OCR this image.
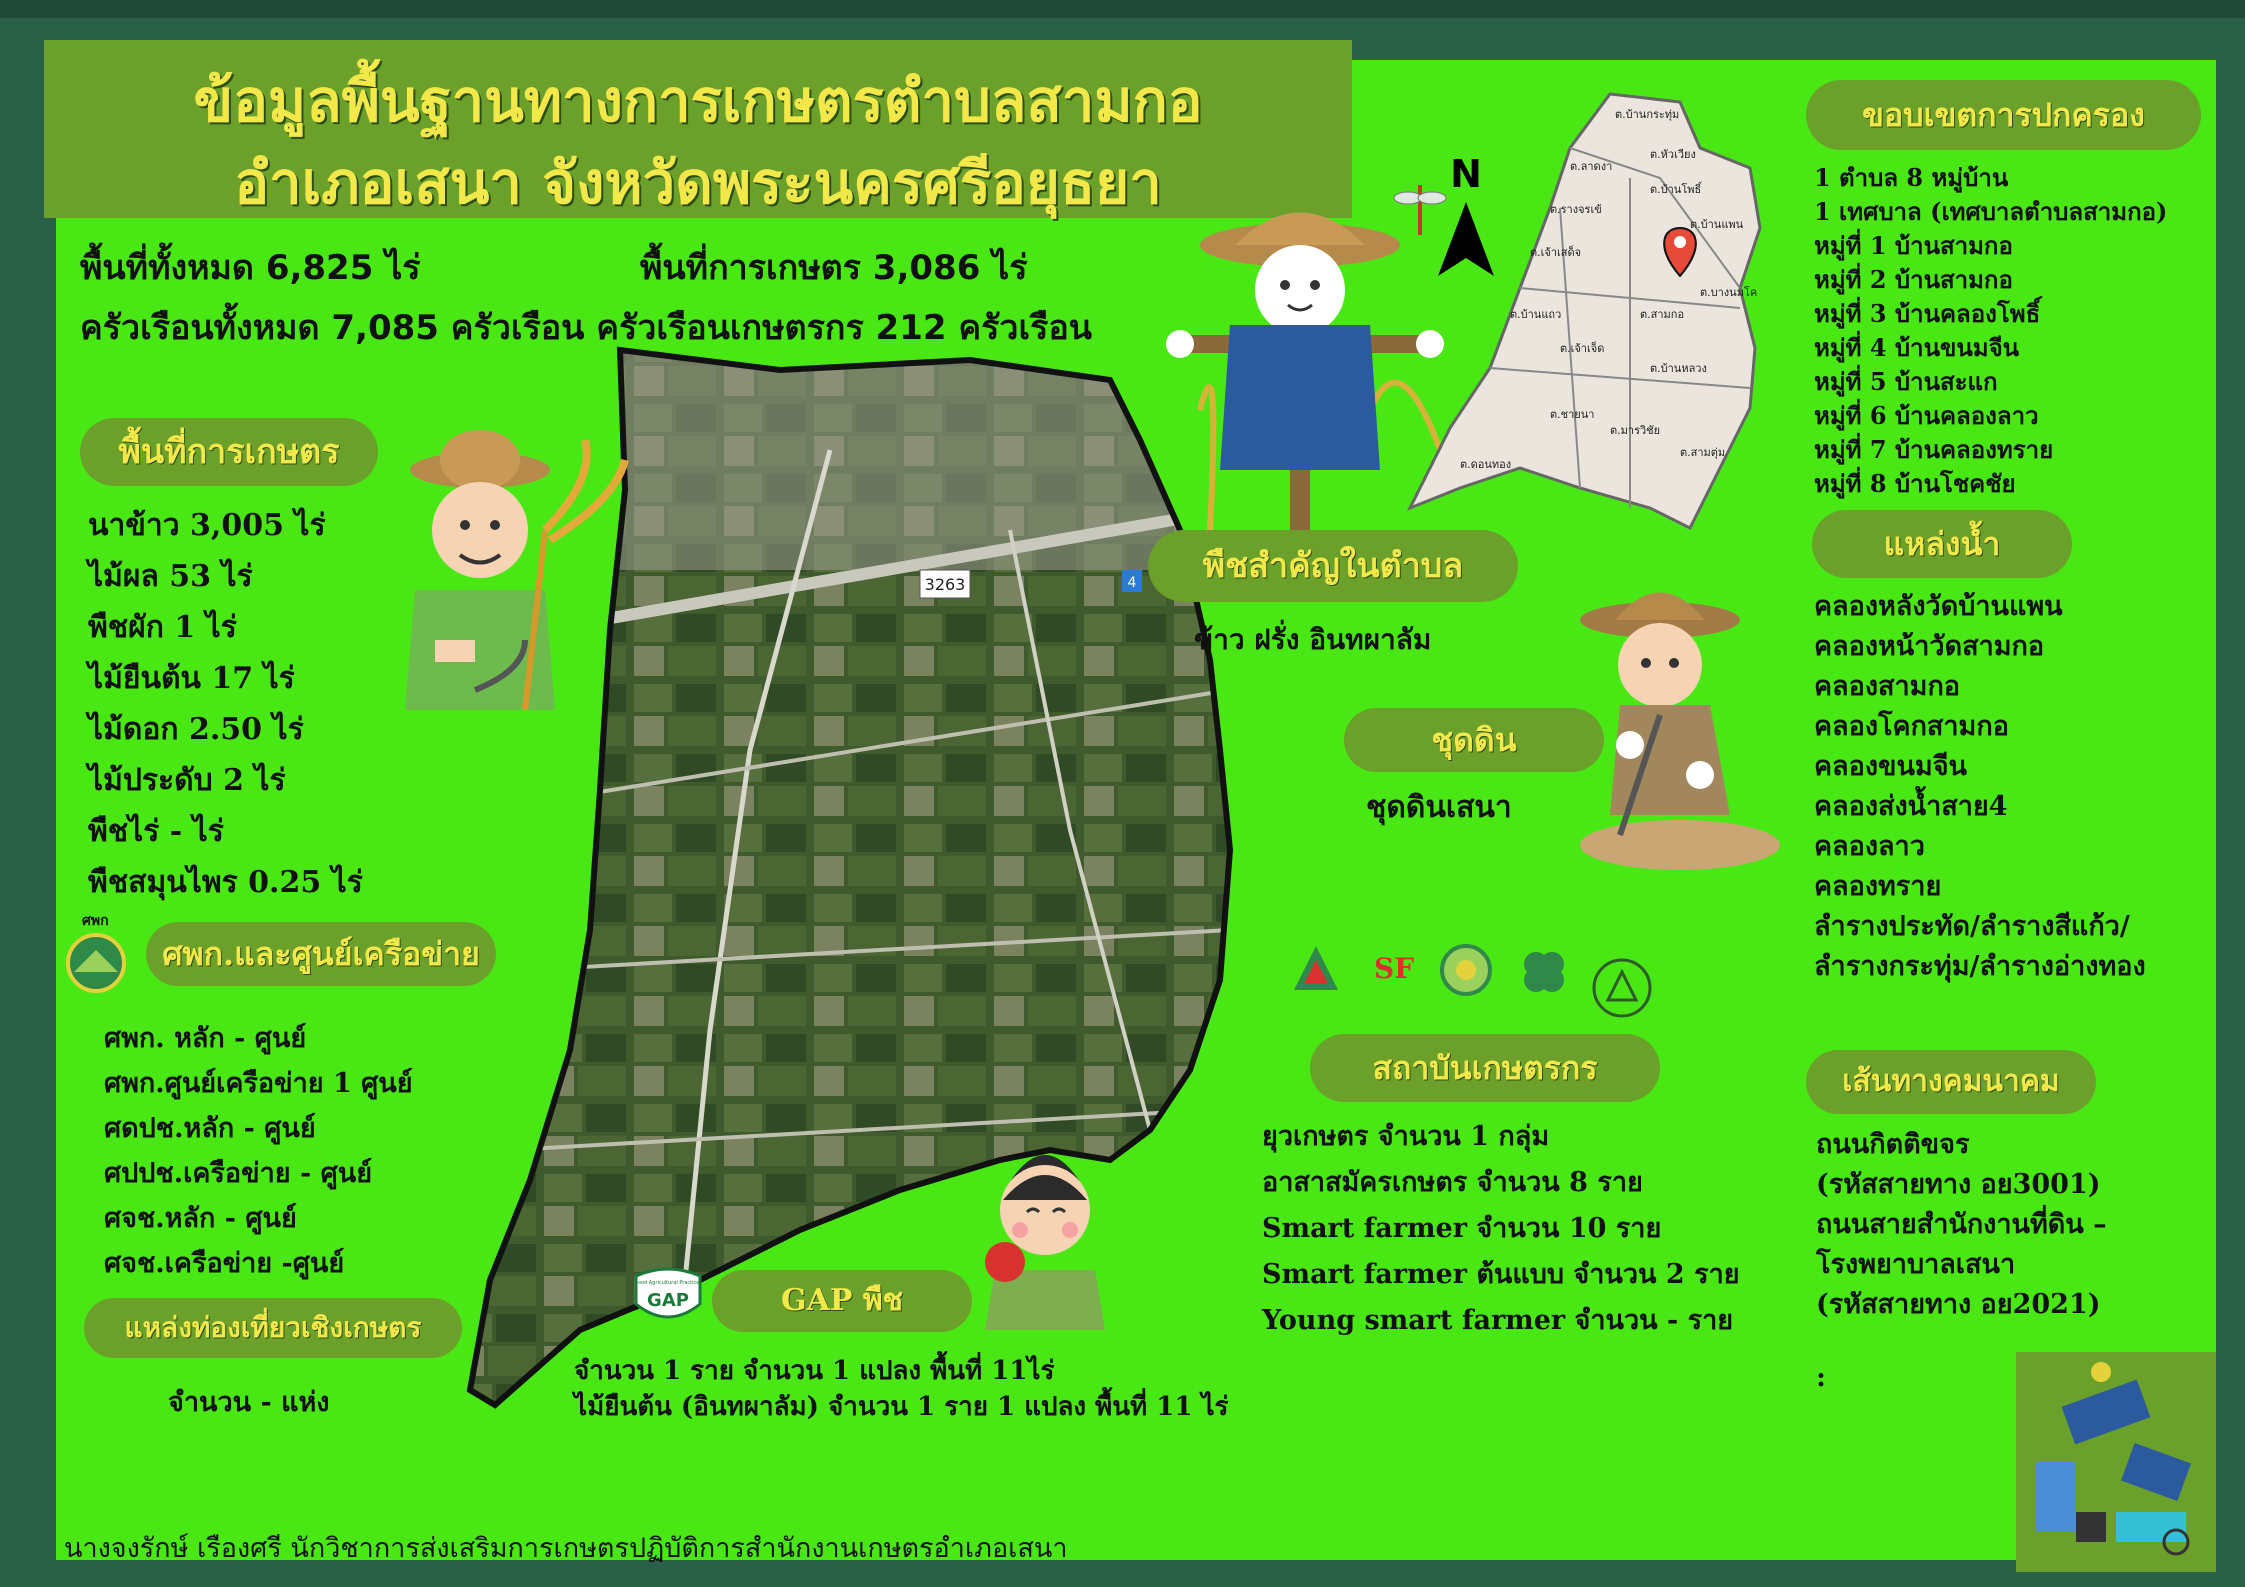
ข้อมูลพื้นฐานทางการเกษตรตำบลสามกอ
อำเภอเสนา จังหวัดพระนครศรีอยุธยา
พื้นที่ทั้งหมด 6,825 ไร่	พื้นที่การเกษตร 3,086 ไร่
ครัวเรือนทั้งหมด 7,085 ครัวเรือน ครัวเรือนเกษตรกร 212 ครัวเรือน
3263	4
พื้นที่การเกษตร
นาข้าว 3,005 ไร่
ไม้ผล 53 ไร่
พืชผัก 1 ไร่
ไม้ยืนต้น 17 ไร่
ไม้ดอก 2.50 ไร่
ไม้ประดับ 2 ไร่
พืชไร่ - ไร่
พืชสมุนไพร 0.25 ไร่
ศพก
ศพก.และศูนย์เครือข่าย
ศพก. หลัก - ศูนย์
ศพก.ศูนย์เครือข่าย 1 ศูนย์
ศดปช.หลัก - ศูนย์
ศปปช.เครือข่าย - ศูนย์
ศจช.หลัก - ศูนย์
ศจช.เครือข่าย -ศูนย์
แหล่งท่องเที่ยวเชิงเกษตร
จำนวน - แห่ง
GAP
Good Agricultural Practices	GAP พืช
จำนวน 1 ราย จำนวน 1 แปลง พื้นที่ 11ไร่
ไม้ยืนต้น (อินทผาลัม) จำนวน 1 ราย 1 แปลง พื้นที่ 11 ไร่
N
ต.บ้านกระทุ่ม
ต.หัวเวียง
ต.ลาดงา
ต.บ้านโพธิ์
ต.รางจรเข้
ต.บ้านแพน
ต.เจ้าเสด็จ
ต.บางนมโค
ต.บ้านแถว	ต.สามกอ
ต.เจ้าเจ็ด
ต.บ้านหลวง
ต.ชายนา
ต.มารวิชัย
ต.ดอนทอง
ต.สามตุ่ม
ขอบเขตการปกครอง
1 ตำบล 8 หมู่บ้าน
1 เทศบาล (เทศบาลตำบลสามกอ)
หมู่ที่ 1 บ้านสามกอ
หมู่ที่ 2 บ้านสามกอ
หมู่ที่ 3 บ้านคลองโพธิ์
หมู่ที่ 4 บ้านขนมจีน
หมู่ที่ 5 บ้านสะแก
หมู่ที่ 6 บ้านคลองลาว
หมู่ที่ 7 บ้านคลองทราย
หมู่ที่ 8 บ้านโชคชัย
แหล่งน้ำ
คลองหลังวัดบ้านแพน
คลองหน้าวัดสามกอ
คลองสามกอ
คลองโคกสามกอ
คลองขนมจีน
คลองส่งน้ำสาย4
คลองลาว
คลองทราย
ลำรางประทัด/ลำรางสีแก้ว/
ลำรางกระทุ่ม/ลำรางอ่างทอง
เส้นทางคมนาคม
ถนนกิตติขจร
(รหัสสายทาง อย3001)
ถนนสายสำนักงานที่ดิน –
โรงพยาบาลเสนา
(รหัสสายทาง อย2021)
:
พืชสำคัญในตำบล
ข้าว ฝรั่ง อินทผาลัม
ชุดดิน
ชุดดินเสนา
SF
สถาบันเกษตรกร
ยุวเกษตร จำนวน 1 กลุ่ม
อาสาสมัครเกษตร จำนวน 8 ราย
Smart farmer จำนวน 10 ราย
Smart farmer ต้นแบบ จำนวน 2 ราย
Young smart farmer จำนวน - ราย
นางจงรักษ์ เรืองศรี นักวิชาการส่งเสริมการเกษตรปฏิบัติการสำนักงานเกษตรอำเภอเสนา
